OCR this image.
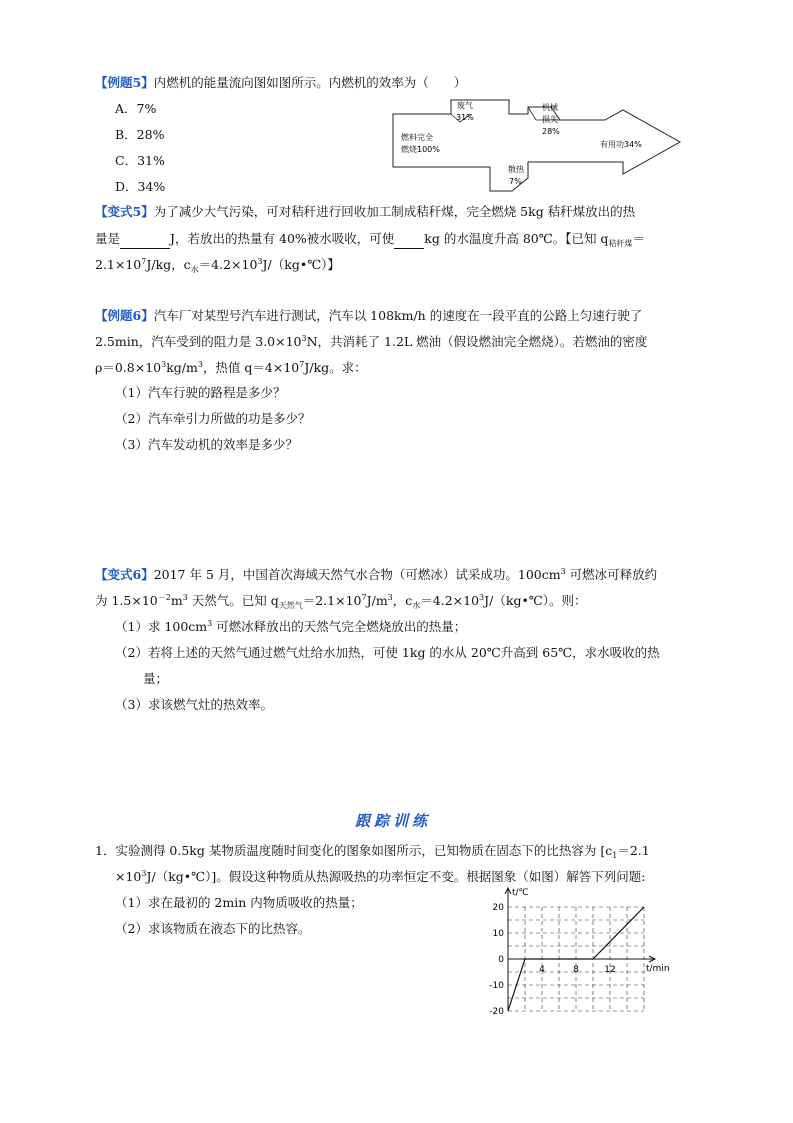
【例题5】内燃机的能量流向图如图所示。内燃机的效率为（　　）
A．7%
B．28%
C．31%
D．34%
燃料完全
燃烧100%
废气
31%
机械
损失
28%
散热
7%
有用功34%
【变式5】为了减少大气污染，可对秸秆进行回收加工制成秸秆煤，完全燃烧 5kg 秸秆煤放出的热
量是	J，若放出的热量有 40%被水吸收，可使 kg 的水温度升高 80℃。【已知 $q_{秸秆煤}=$
$2.1\times 10^7J/kg$，$c_水=4.2\times 10^3J/(kg•℃)$】
【例题6】汽车厂对某型号汽车进行测试，汽车以 108km/h 的速度在一段平直的公路上匀速行驶了
2.5min，汽车受到的阻力是 $3.0\times 10^3N$，共消耗了 1.2L 燃油（假设燃油完全燃烧）。若燃油的密度
$\rho=0.8\times 10^3kg/m^3$，热值 $q=4\times 10^7J/kg$。求：
（1）汽车行驶的路程是多少？
（2）汽车牵引力所做的功是多少？
（3）汽车发动机的效率是多少？
【变式6】2017 年 5 月，中国首次海域天然气水合物（可燃冰）试采成功。$100cm^3$ 可燃冰可释放约
为 $1.5\times 10^{-2}m^3$ 天然气。已知 $q_{天然气}=2.1\times 10^7J/m^3$，$c_水=4.2\times 10^3J/(kg•℃)$。则：
（1）求 $100cm^3$ 可燃冰释放出的天然气完全燃烧放出的热量；
（2）若将上述的天然气通过燃气灶给水加热，可使 1kg 的水从 20℃升高到 65℃，求水吸收的热
量；
（3）求该燃气灶的热效率。
跟踪训练
1．实验测得 0.5kg 某物质温度随时间变化的图象如图所示，已知物质在固态下的比热容为 [$c_1=2.1$
$\times 10^3J/(kg•℃)$]。假设这种物质从热源吸热的功率恒定不变。根据图象（如图）解答下列问题:
（1）求在最初的 2min 内物质吸收的热量；
（2）求该物质在液态下的比热容。
20
10
0
-10
-20
4	8	12
t/℃
t/min
